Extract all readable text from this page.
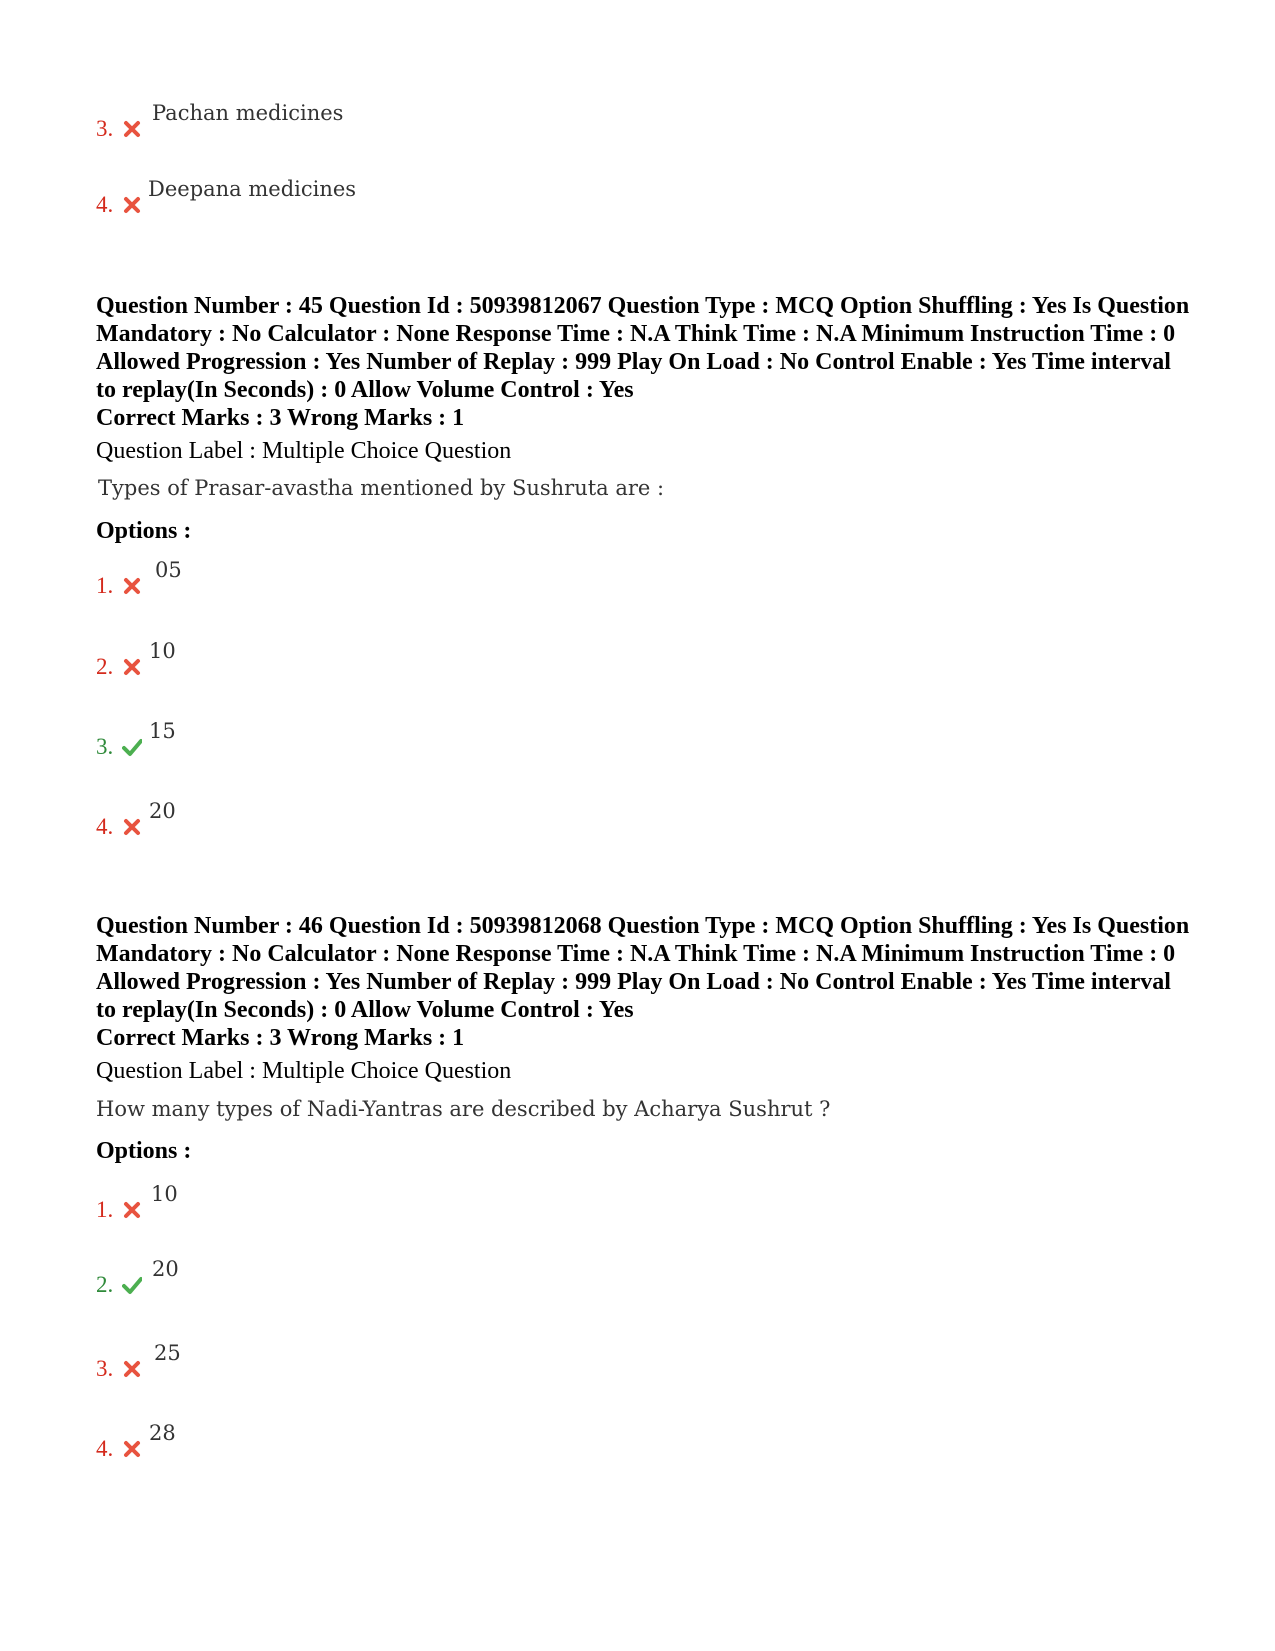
3.
Pachan medicines
4.
Deepana medicines
Question Number : 45 Question Id : 50939812067 Question Type : MCQ Option Shuffling : Yes Is Question Mandatory : No Calculator : None Response Time : N.A Think Time : N.A Minimum Instruction Time : 0 Allowed Progression : Yes Number of Replay : 999 Play On Load : No Control Enable : Yes Time interval to replay(In Seconds) : 0 Allow Volume Control : Yes
Correct Marks : 3 Wrong Marks : 1
Question Label : Multiple Choice Question
Types of Prasar-avastha mentioned by Sushruta are :
Options :
1.
05
2.
10
3.
15
4.
20
Question Number : 46 Question Id : 50939812068 Question Type : MCQ Option Shuffling : Yes Is Question Mandatory : No Calculator : None Response Time : N.A Think Time : N.A Minimum Instruction Time : 0 Allowed Progression : Yes Number of Replay : 999 Play On Load : No Control Enable : Yes Time interval to replay(In Seconds) : 0 Allow Volume Control : Yes
Correct Marks : 3 Wrong Marks : 1
Question Label : Multiple Choice Question
How many types of Nadi-Yantras are described by Acharya Sushrut ?
Options :
1.
10
2.
20
3.
25
4.
28
